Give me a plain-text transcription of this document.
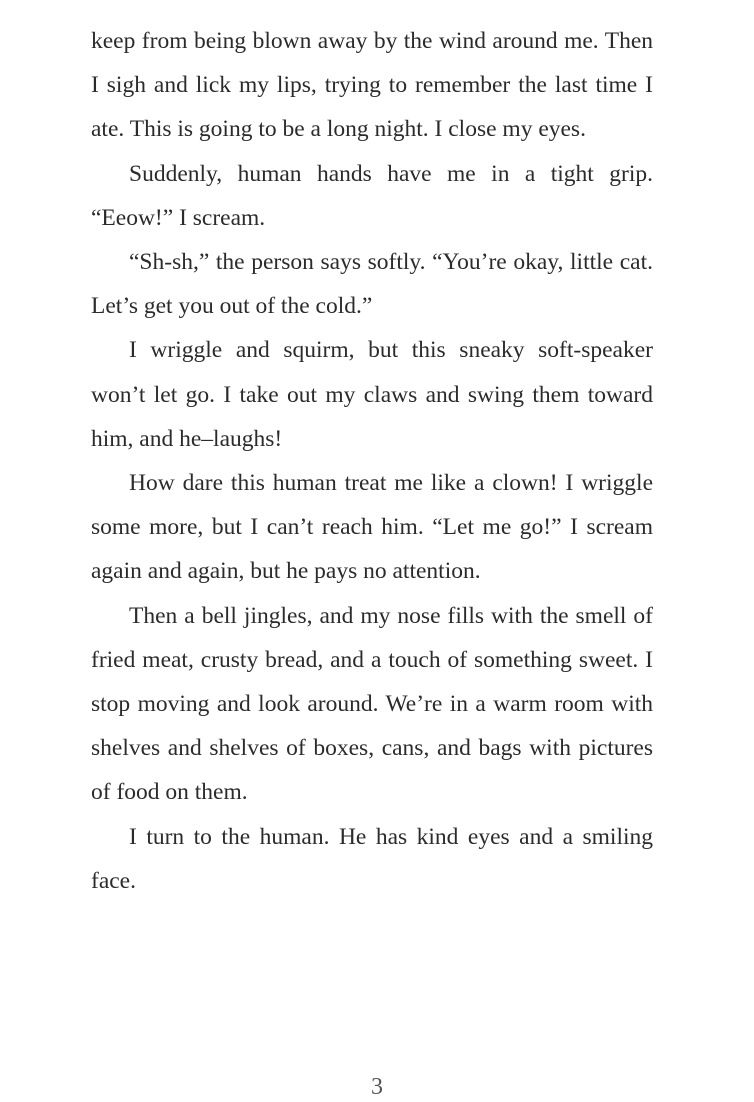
keep from being blown away by the wind around me. Then I sigh and lick my lips, trying to remember the last time I ate. This is going to be a long night. I close my eyes.

Suddenly, human hands have me in a tight grip. “Eeow!” I scream.

“Sh-sh,” the person says softly. “You’re okay, little cat. Let’s get you out of the cold.”

I wriggle and squirm, but this sneaky soft-speaker won’t let go. I take out my claws and swing them toward him, and he–laughs!

How dare this human treat me like a clown! I wriggle some more, but I can’t reach him. “Let me go!” I scream again and again, but he pays no attention.

Then a bell jingles, and my nose fills with the smell of fried meat, crusty bread, and a touch of something sweet. I stop moving and look around. We’re in a warm room with shelves and shelves of boxes, cans, and bags with pictures of food on them.

I turn to the human. He has kind eyes and a smiling face.

3
